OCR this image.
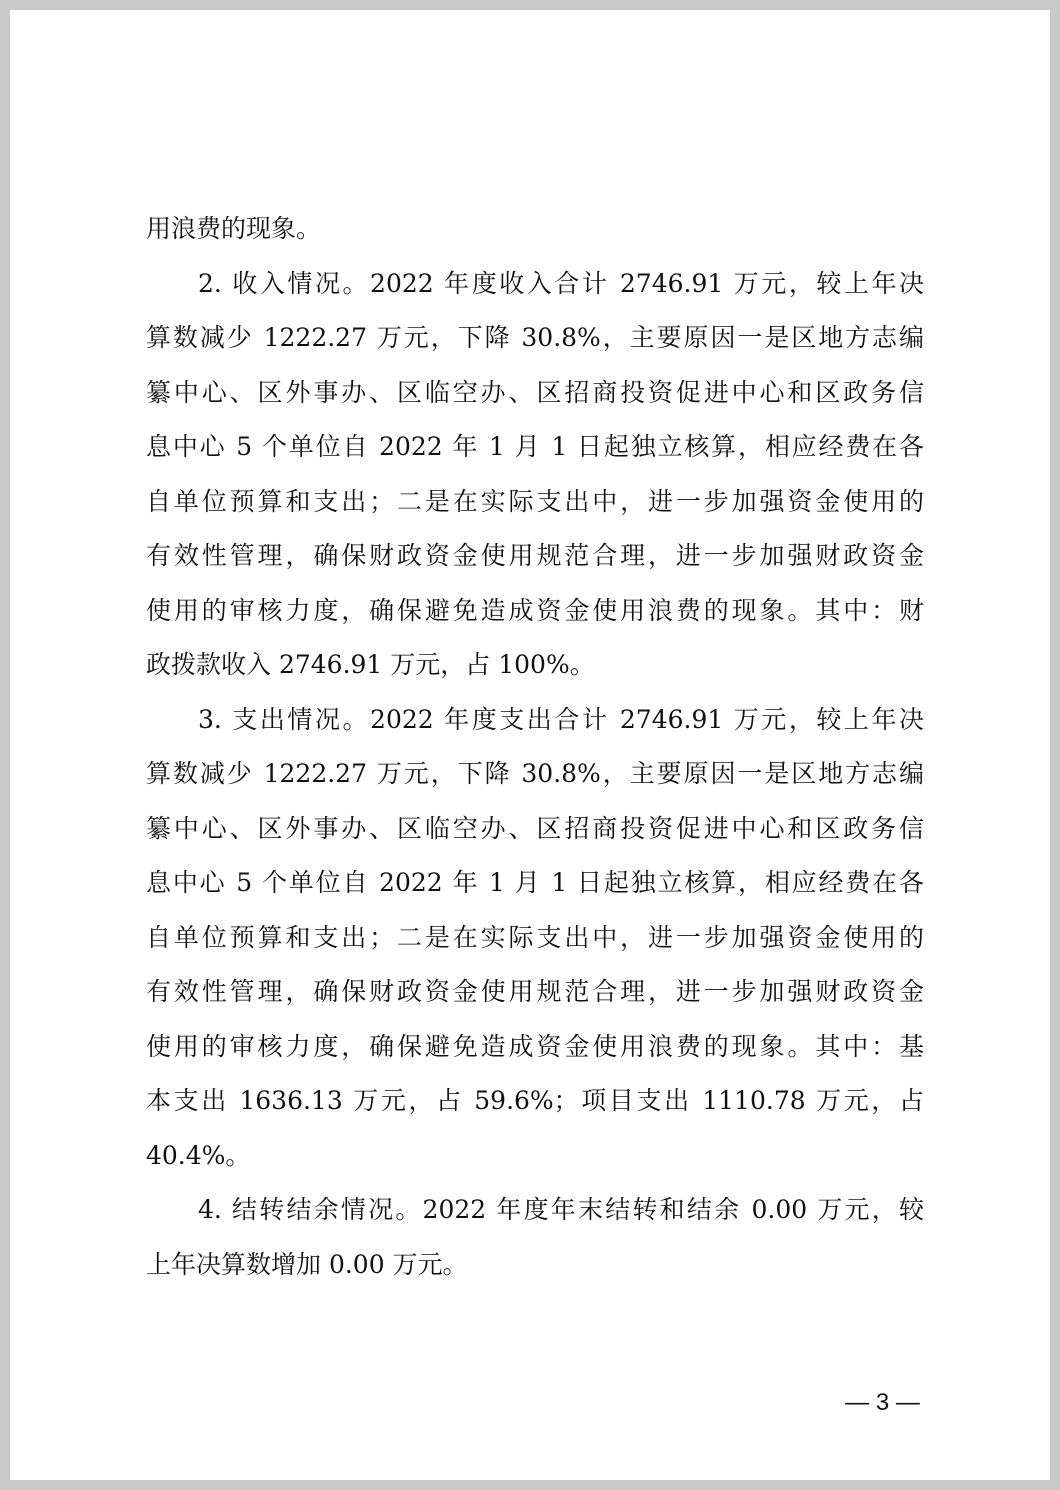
用浪费的现象。
2. 收入情况。2022 年度收入合计 2746.91 万元，较上年决
算数减少 1222.27 万元，下降 30.8%，主要原因一是区地方志编
纂中心、区外事办、区临空办、区招商投资促进中心和区政务信
息中心 5 个单位自 2022 年 1 月 1 日起独立核算，相应经费在各
自单位预算和支出；二是在实际支出中，进一步加强资金使用的
有效性管理，确保财政资金使用规范合理，进一步加强财政资金
使用的审核力度，确保避免造成资金使用浪费的现象。其中：财
政拨款收入 2746.91 万元，占 100%。
3. 支出情况。2022 年度支出合计 2746.91 万元，较上年决
算数减少 1222.27 万元，下降 30.8%，主要原因一是区地方志编
纂中心、区外事办、区临空办、区招商投资促进中心和区政务信
息中心 5 个单位自 2022 年 1 月 1 日起独立核算，相应经费在各
自单位预算和支出；二是在实际支出中，进一步加强资金使用的
有效性管理，确保财政资金使用规范合理，进一步加强财政资金
使用的审核力度，确保避免造成资金使用浪费的现象。其中：基
本支出 1636.13 万元，占 59.6%；项目支出 1110.78 万元，占
40.4%。
4. 结转结余情况。2022 年度年末结转和结余 0.00 万元，较
上年决算数增加 0.00 万元。
— 3 —
